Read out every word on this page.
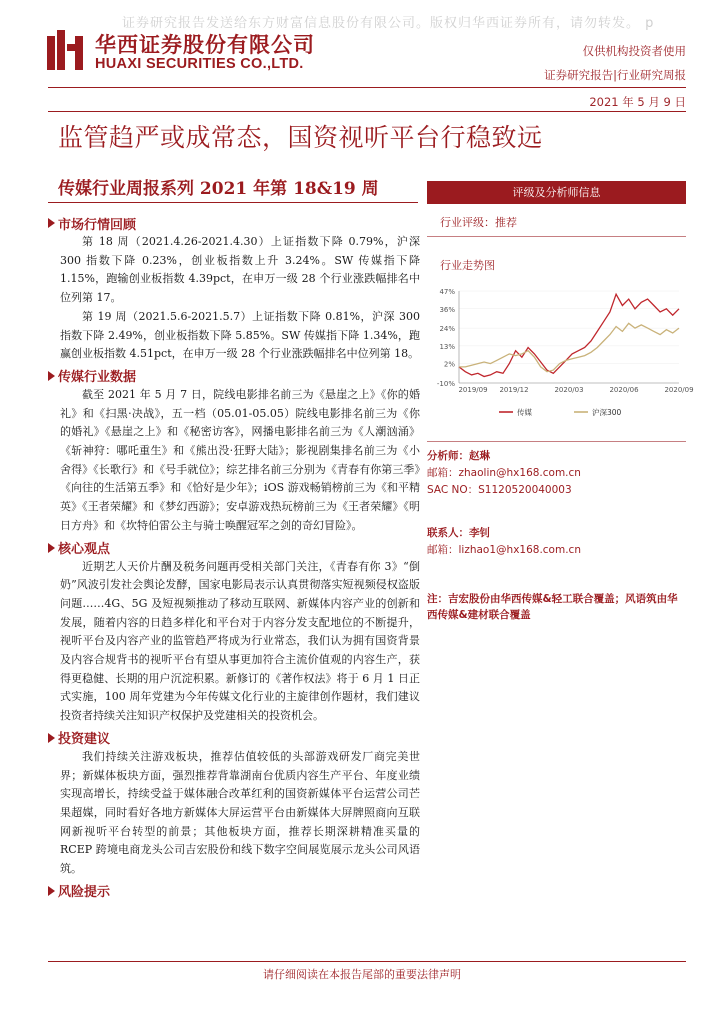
证券研究报告发送给东方财富信息股份有限公司。版权归华西证券所有，请勿转发。 p
华西证券股份有限公司
HUAXI SECURITIES CO.,LTD.
仅供机构投资者使用
证券研究报告|行业研究周报
2021 年 5 月 9 日
监管趋严或成常态，国资视听平台行稳致远
传媒行业周报系列 2021 年第 18&19 周
市场行情回顾

第 18 周（2021.4.26-2021.4.30）上证指数下降 0.79%，沪深 300 指数下降 0.23%，创业板指数上升 3.24%。SW 传媒指下降 1.15%，跑输创业板指数 4.39pct，在申万一级 28 个行业涨跌幅排名中位列第 17。

第 19 周（2021.5.6-2021.5.7）上证指数下降 0.81%，沪深 300 指数下降 2.49%，创业板指数下降 5.85%。SW 传媒指下降 1.34%，跑赢创业板指数 4.51pct，在申万一级 28 个行业涨跌幅排名中位列第 18。

传媒行业数据

截至 2021 年 5 月 7 日，院线电影排名前三为《悬崖之上》《你的婚礼》和《扫黑·决战》，五一档（05.01-05.05）院线电影排名前三为《你的婚礼》《悬崖之上》和《秘密访客》，网播电影排名前三为《人潮汹涌》《斩神狩：哪吒重生》和《熊出没·狂野大陆》；影视剧集排名前三为《小舍得》《长歌行》和《号手就位》；综艺排名前三分别为《青春有你第三季》《向往的生活第五季》和《恰好是少年》；iOS 游戏畅销榜前三为《和平精英》《王者荣耀》和《梦幻西游》；安卓游戏热玩榜前三为《王者荣耀》《明日方舟》和《坎特伯雷公主与骑士唤醒冠军之剑的奇幻冒险》。

核心观点

近期艺人天价片酬及税务问题再受相关部门关注，《青春有你 3》“倒奶”风波引发社会舆论发酵，国家电影局表示认真贯彻落实短视频侵权盗版问题……4G、5G 及短视频推动了移动互联网、新媒体内容产业的创新和发展，随着内容的日趋多样化和平台对于内容分发支配地位的不断提升，视听平台及内容产业的监管趋严将成为行业常态，我们认为拥有国资背景及内容合规背书的视听平台有望从事更加符合主流价值观的内容生产，获得更稳健、长期的用户沉淀积累。新修订的《著作权法》将于 6 月 1 日正式实施，100 周年党建为今年传媒文化行业的主旋律创作题材，我们建议投资者持续关注知识产权保护及党建相关的投资机会。

投资建议

我们持续关注游戏板块，推荐估值较低的头部游戏研发厂商完美世界；新媒体板块方面，强烈推荐背靠湖南台优质内容生产平台、年度业绩实现高增长，持续受益于媒体融合改革红利的国资新媒体平台运营公司芒果超媒，同时看好各地方新媒体大屏运营平台由新媒体大屏牌照商向互联网新视听平台转型的前景；其他板块方面，推荐长期深耕精准买量的 RCEP 跨境电商龙头公司吉宏股份和线下数字空间展览展示龙头公司风语筑。

风险提示
评级及分析师信息
行业评级：推荐
行业走势图
47%
36%
24%
13%
2%
-10%
2019/09 2019/12	2020/03	2020/06	2020/09
传媒	沪深300
分析师：赵琳
邮箱：zhaolin@hx168.com.cn
SAC NO：S1120520040003
联系人：李钊
邮箱：lizhao1@hx168.com.cn
注：吉宏股份由华西传媒&轻工联合覆盖；风语筑由华西传媒&建材联合覆盖
请仔细阅读在本报告尾部的重要法律声明
